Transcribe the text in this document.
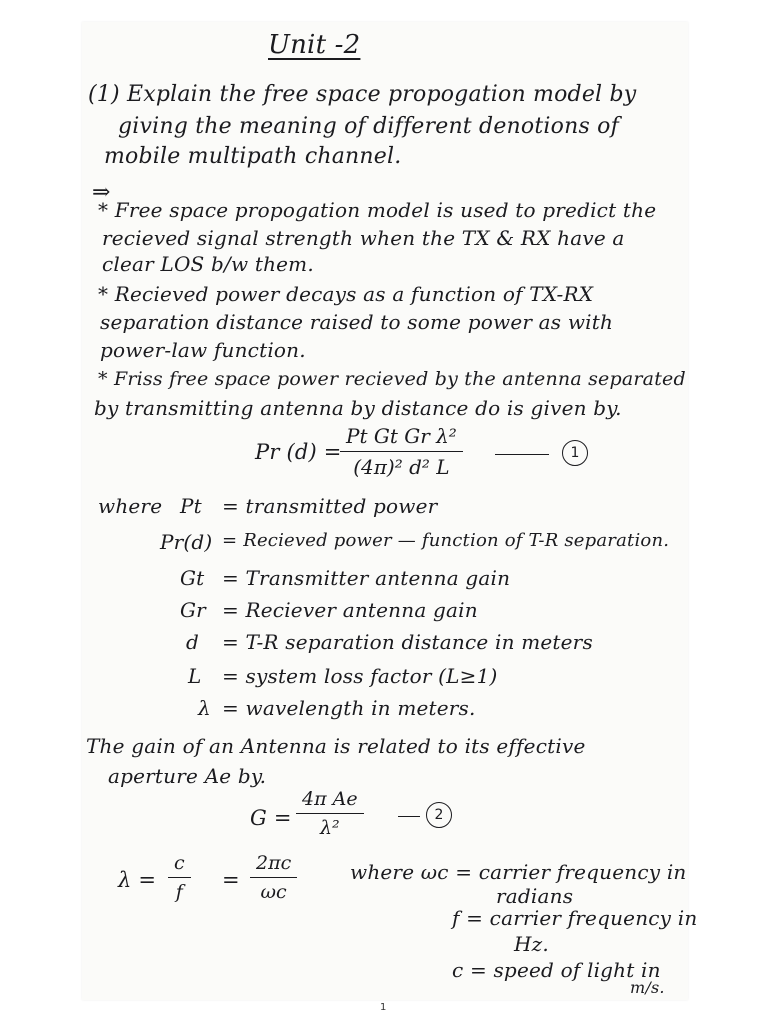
Unit -2
(1) Explain the free space propogation model by
giving the meaning of different denotions of
mobile multipath channel.
⇒
* Free space propogation model is used to predict the
recieved signal strength when the TX & RX have a
clear LOS b/w them.
* Recieved power decays as a function of TX-RX
separation distance raised to some power as with
power-law function.
* Friss free space power recieved by the antenna separated
by transmitting antenna by distance do is given by.
Pr (d) =
Pt Gt Gr λ²
(4π)² d² L
1
where Pt = transmitted power
Pr(d) = Recieved power — function of T-R separation.
Gt = Transmitter antenna gain
Gr = Reciever antenna gain
d = T-R separation distance in meters
L = system loss factor (L≥1)
λ = wavelength in meters.
The gain of an Antenna is related to its effective
aperture Ae by.
G =
4π Ae
λ²
2
λ =
c
f =
2πc
ωc
where ωc = carrier frequency in
radians
f = carrier frequency in
Hz.
c = speed of light in
m/s.
1
